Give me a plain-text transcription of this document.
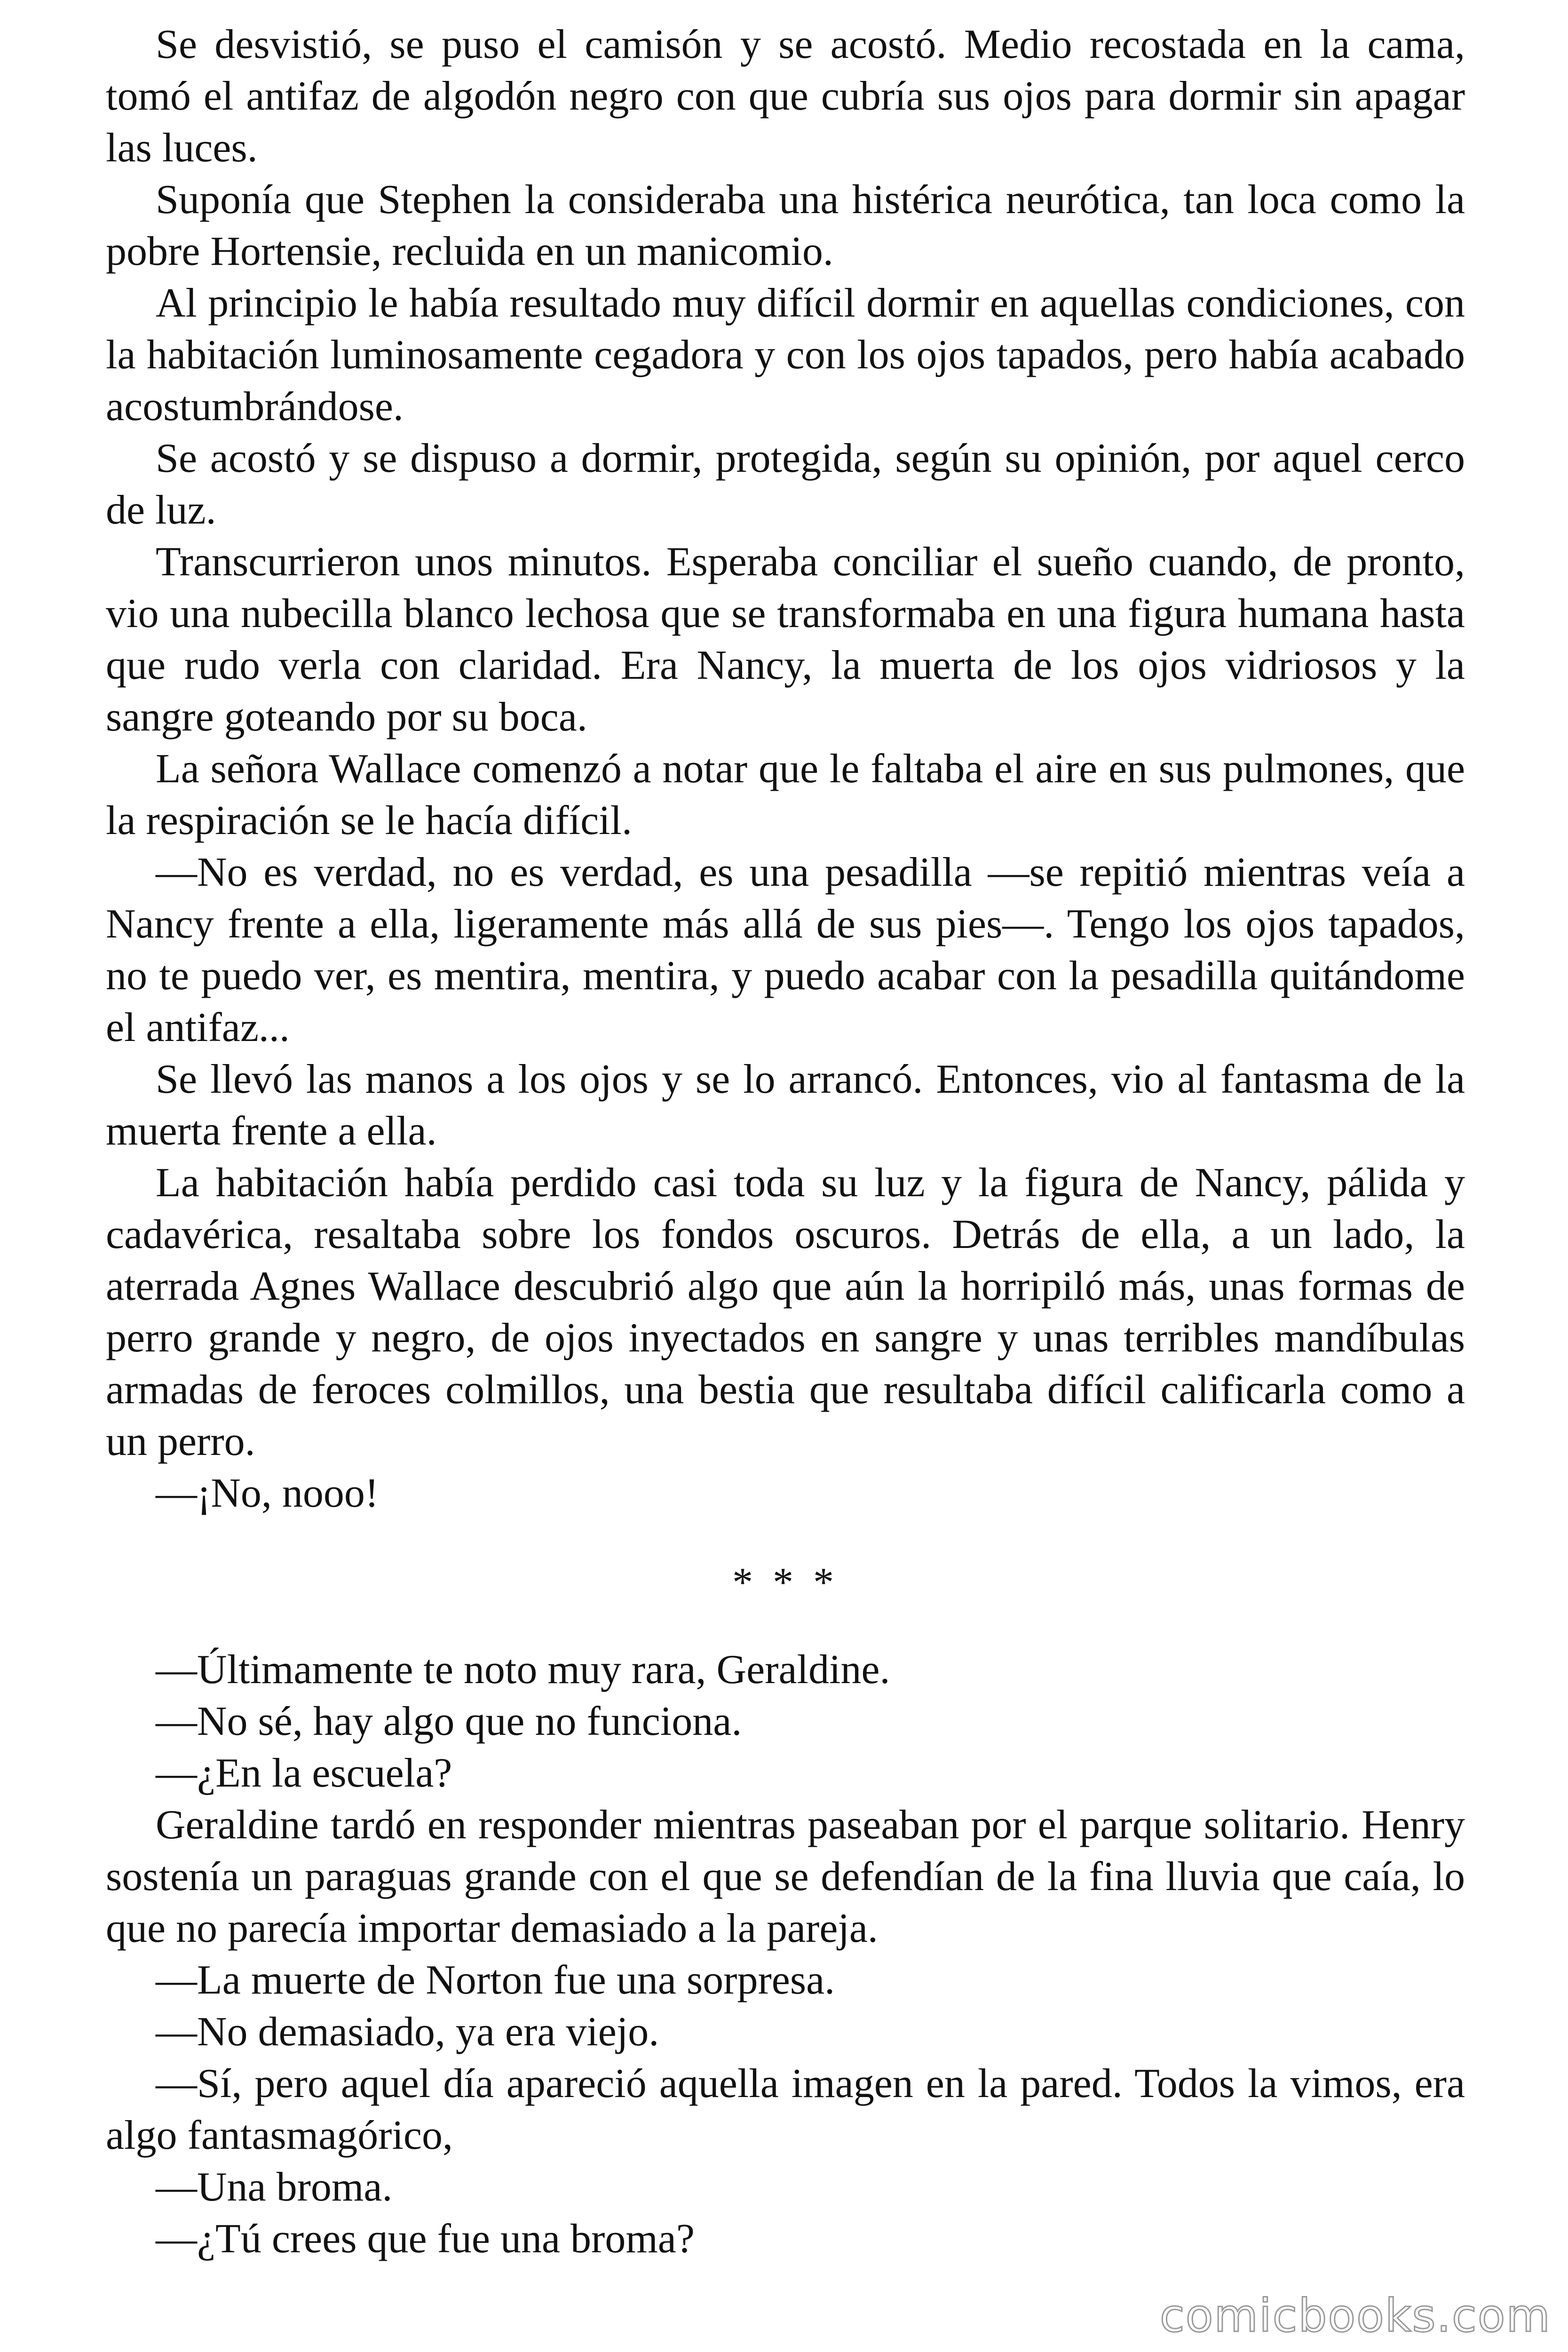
Se desvistió, se puso el camisón y se acostó. Medio recostada en la cama, tomó el antifaz de algodón negro con que cubría sus ojos para dormir sin apagar las luces.

Suponía que Stephen la consideraba una histérica neurótica, tan loca como la pobre Hortensie, recluida en un manicomio.

Al principio le había resultado muy difícil dormir en aquellas condiciones, con la habitación luminosamente cegadora y con los ojos tapados, pero había acabado acostumbrándose.

Se acostó y se dispuso a dormir, protegida, según su opinión, por aquel cerco de luz.

Transcurrieron unos minutos. Esperaba conciliar el sueño cuando, de pronto, vio una nubecilla blanco lechosa que se transformaba en una figura humana hasta que rudo verla con claridad. Era Nancy, la muerta de los ojos vidriosos y la sangre goteando por su boca.

La señora Wallace comenzó a notar que le faltaba el aire en sus pulmones, que la respiración se le hacía difícil.

—No es verdad, no es verdad, es una pesadilla —se repitió mientras veía a Nancy frente a ella, ligeramente más allá de sus pies—. Tengo los ojos tapados, no te puedo ver, es mentira, mentira, y puedo acabar con la pesadilla quitándome el antifaz...

Se llevó las manos a los ojos y se lo arrancó. Entonces, vio al fantasma de la muerta frente a ella.

La habitación había perdido casi toda su luz y la figura de Nancy, pálida y cadavérica, resaltaba sobre los fondos oscuros. Detrás de ella, a un lado, la aterrada Agnes Wallace descubrió algo que aún la horripiló más, unas formas de perro grande y negro, de ojos inyectados en sangre y unas terribles mandíbulas armadas de feroces colmillos, una bestia que resultaba difícil calificarla como a un perro.

—¡No, nooo!

* * *

—Últimamente te noto muy rara, Geraldine.

—No sé, hay algo que no funciona.

—¿En la escuela?

Geraldine tardó en responder mientras paseaban por el parque solitario. Henry sostenía un paraguas grande con el que se defendían de la fina lluvia que caía, lo que no parecía importar demasiado a la pareja.

—La muerte de Norton fue una sorpresa.

—No demasiado, ya era viejo.

—Sí, pero aquel día apareció aquella imagen en la pared. Todos la vimos, era algo fantasmagórico,

—Una broma.

—¿Tú crees que fue una broma?

comicbooks.com
